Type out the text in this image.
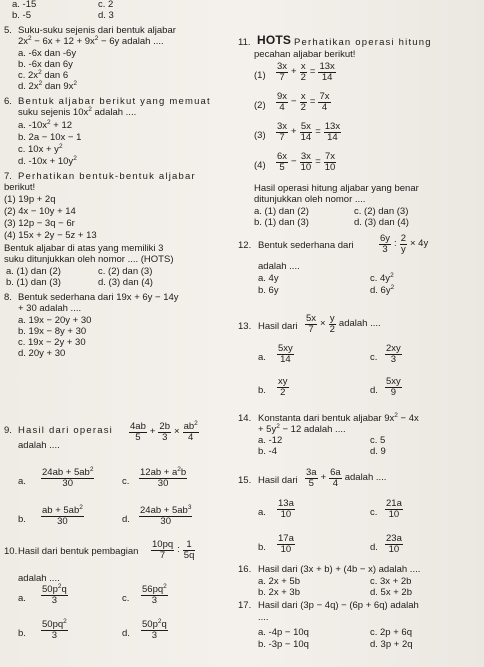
a. -15	c. 2
b. -5	d. 3
5. Suku-suku sejenis dari bentuk aljabar
$2x^2 - 6x + 12 + 9x^2 - 6y$ adalah ....
a. -6x dan -6y
b. -6x dan 6y
c. $2x^2$ dan 6
d. $2x^2$ dan $9x^2$
6. Bentuk aljabar berikut yang memuat
suku sejenis $10x^2$ adalah ....
a. $-10x^2 + 12$
b. 2a − 10x − 1
c. $10x + y^2$
d. $-10x + 10y^2$
7. Perhatikan bentuk-bentuk aljabar
berikut!
(1) 19p + 2q
(2) 4x − 10y + 14
(3) 12p − 3q − 6r
(4) 15x + 2y − 5z + 13
Bentuk aljabar di atas yang memiliki 3
suku ditunjukkan oleh nomor .... (HOTS)
a. (1) dan (2)	c. (2) dan (3)
b. (1) dan (3)	d. (3) dan (4)
8. Bentuk sederhana dari 19x + 6y − 14y
+ 30 adalah ....
a. 19x − 20y + 30
b. 19x − 8y + 30
c. 19x − 2y + 30
d. 20y + 30
9. Hasil dari operasi
adalah ....
a.	c.
b.	d.
10. Hasil dari bentuk pembagian
adalah ....
a.	c.
b.	d.
11. HOTS Perhatikan operasi hitung
pecahan aljabar berikut!
(1)
(2)
(3)
(4)
Hasil operasi hitung aljabar yang benar
ditunjukkan oleh nomor ....
a. (1) dan (2)	c. (2) dan (3)
b. (1) dan (3)	d. (3) dan (4)
12. Bentuk sederhana dari
adalah ....
a. 4y	c. $4y^2$
b. 6y	d. $6y^2$
13. Hasil dari
a.	c.
b.	d.
14. Konstanta dari bentuk aljabar $9x^2 - 4x$
+ $5y^2 - 12$ adalah ....
a. -12	c. 5
b. -4	d. 9
15. Hasil dari
a.	c.
b.	d.
16. Hasil dari (3x + b) + (4b − x) adalah ....
a. 2x + 5b	c. 3x + 2b
b. 2x + 3b	d. 5x + 2b
17. Hasil dari (3p − 4q) − (6p + 6q) adalah
....
a. -4p − 10q	c. 2p + 6q
b. -3p − 10q	d. 3p + 2q
$\frac{4ab}{5} + \frac{2b}{3} \times \frac{ab^2}{4}$
$\frac{24ab + 5ab^2}{30}$	$\frac{12ab + a^2b}{30}$
$\frac{ab + 5ab^2}{30}$	$\frac{24ab + 5ab^3}{30}$
$\frac{10pq}{7}$ : $\frac{1}{5q}$
$\frac{50p^2q}{3}$	$\frac{56pq^2}{3}$
$\frac{50pq^2}{3}$	$\frac{50p^2q}{3}$
$\frac{3x}{7} + \frac{x}{2} = \frac{13x}{14}$
$\frac{9x}{4} - \frac{x}{2} = \frac{7x}{4}$
$\frac{3x}{7} + \frac{5x}{14} = \frac{13x}{14}$
$\frac{6x}{5} - \frac{3x}{10} = \frac{7x}{10}$
$\frac{6y}{3}$ : $\frac{2}{y} \times 4y$
$\frac{5x}{7} \times \frac{y}{2}$ adalah ....
$\frac{5xy}{14}$	$\frac{2xy}{3}$
$\frac{xy}{2}$	$\frac{5xy}{9}$
$\frac{3a}{5} + \frac{6a}{4}$ adalah ....
$\frac{13a}{10}$	$\frac{21a}{10}$
$\frac{17a}{10}$	$\frac{23a}{10}$
